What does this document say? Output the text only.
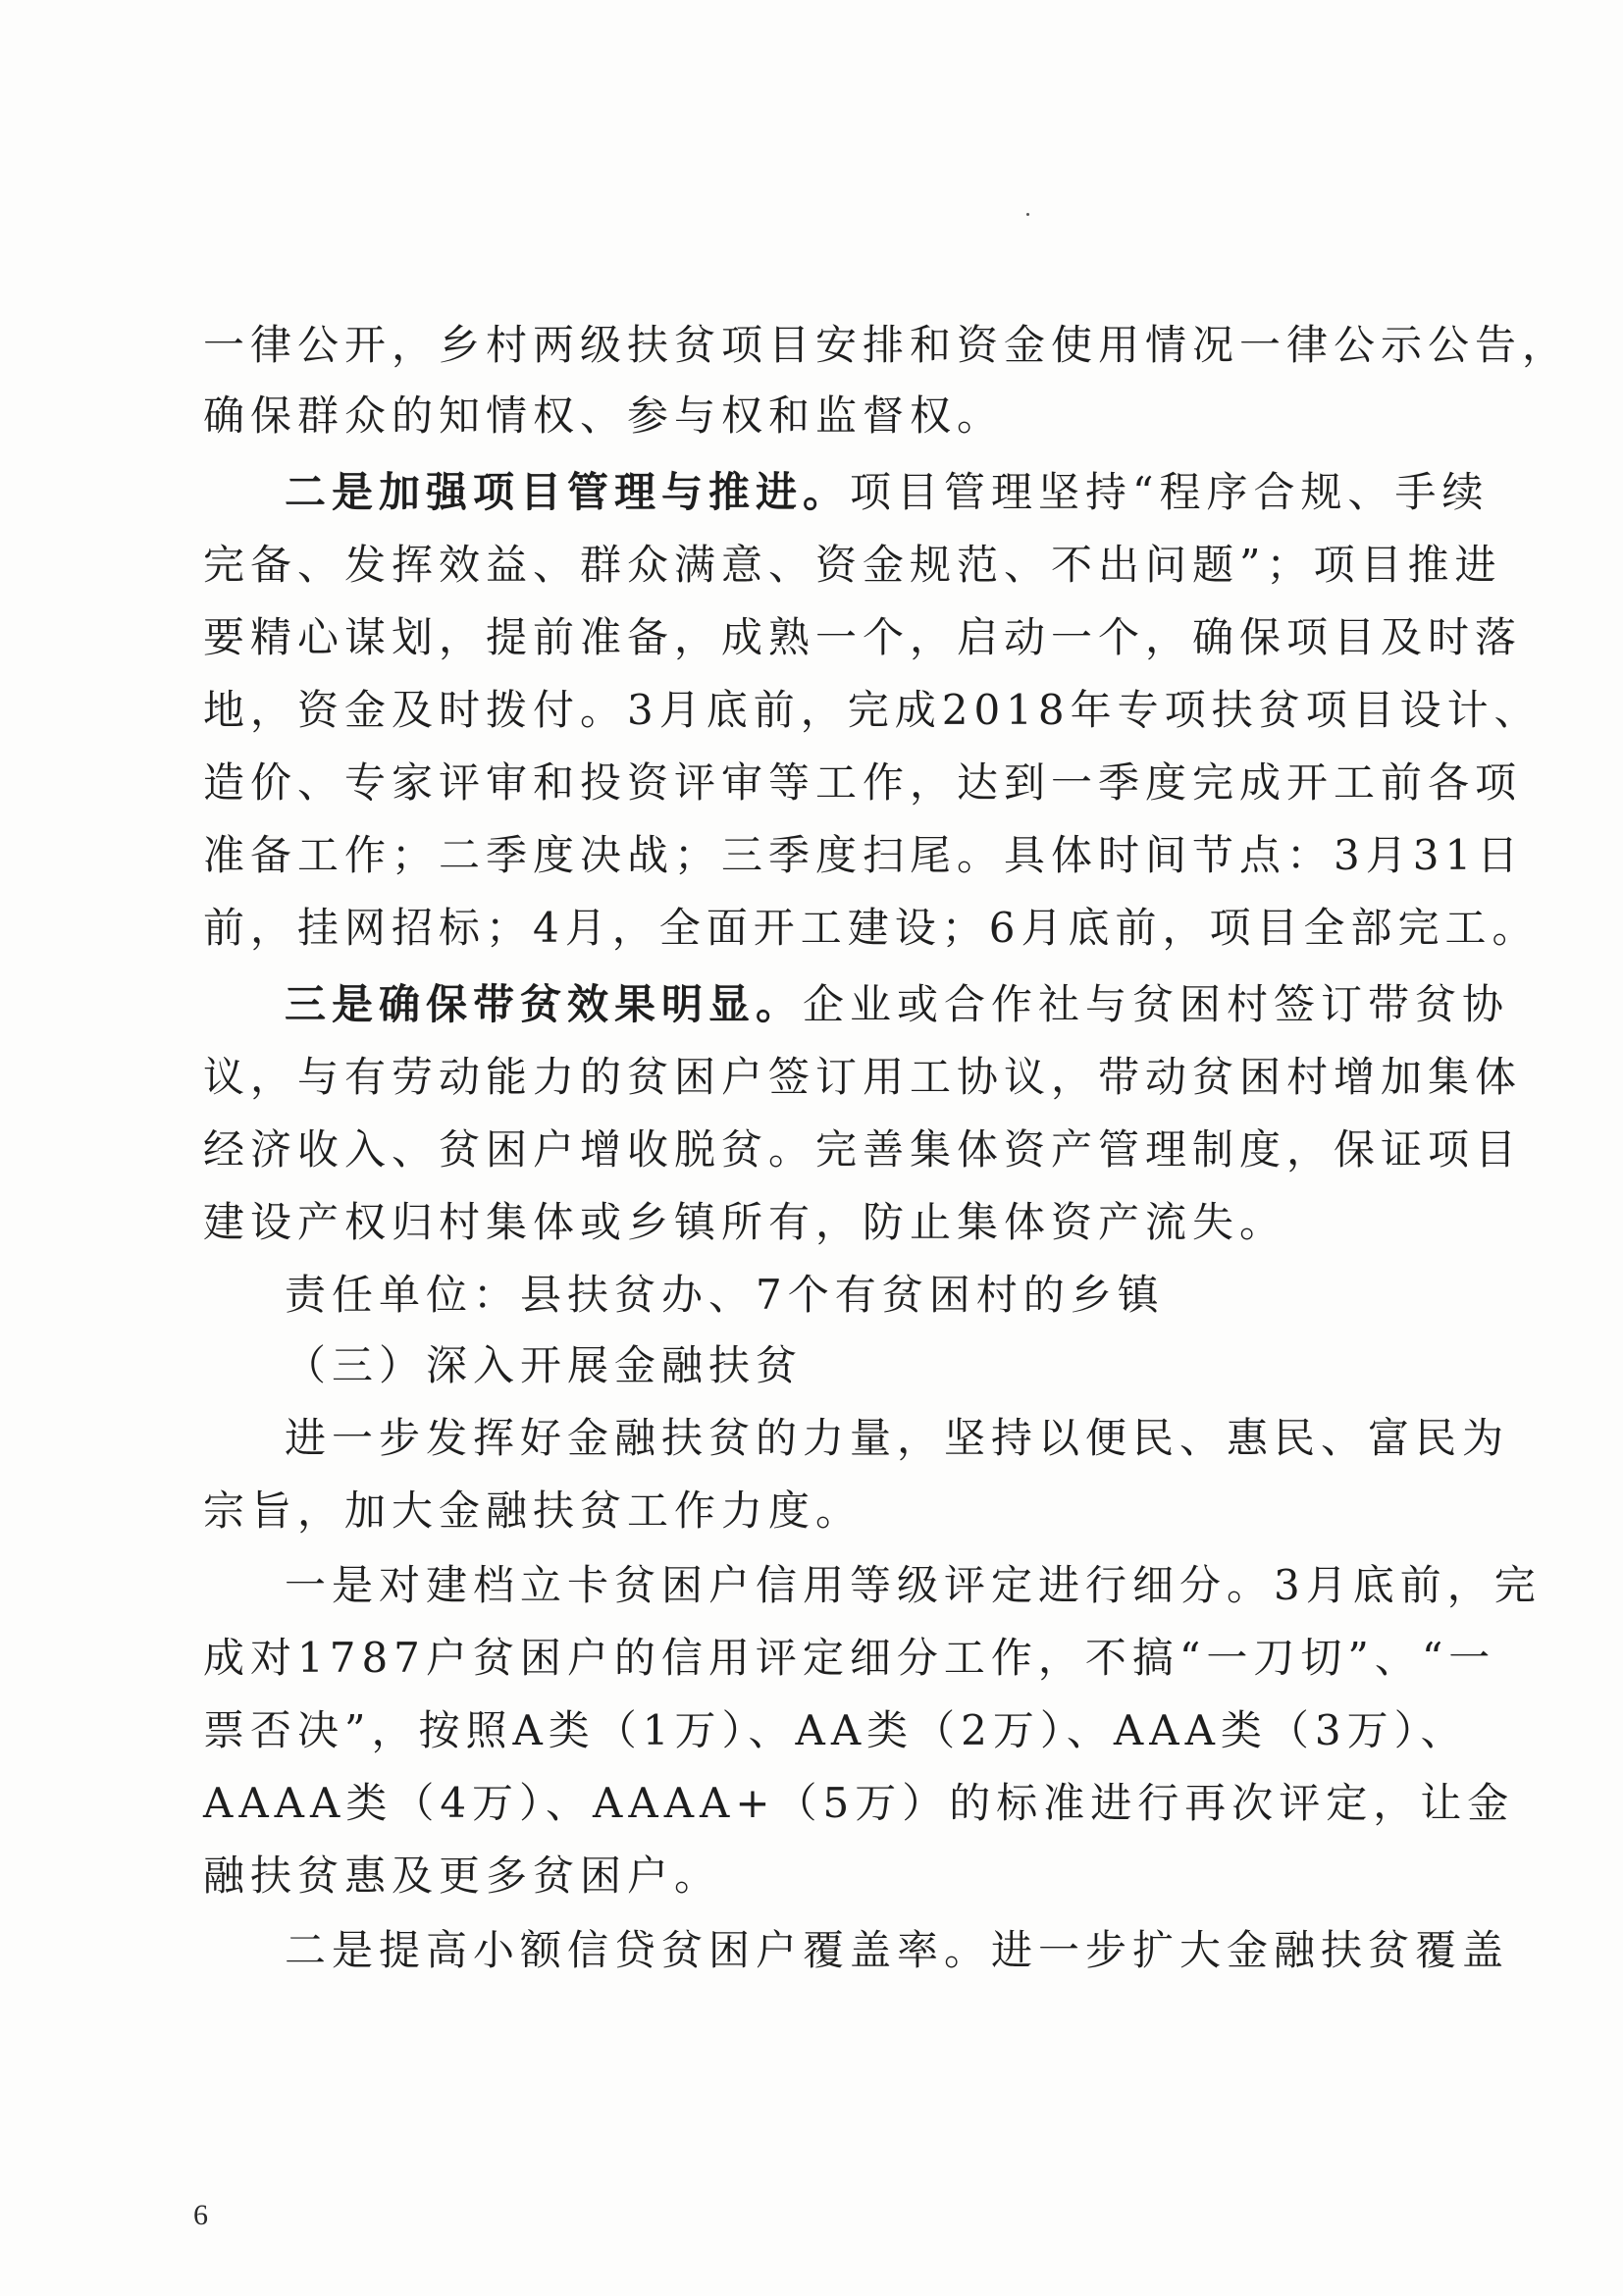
一律公开，乡村两级扶贫项目安排和资金使用情况一律公示公告，
确保群众的知情权、参与权和监督权。
二是加强项目管理与推进。项目管理坚持“程序合规、手续
完备、发挥效益、群众满意、资金规范、不出问题”；项目推进
要精心谋划，提前准备，成熟一个，启动一个，确保项目及时落
地，资金及时拨付。3月底前，完成2018年专项扶贫项目设计、
造价、专家评审和投资评审等工作，达到一季度完成开工前各项
准备工作；二季度决战；三季度扫尾。具体时间节点：3月31日
前，挂网招标；4月，全面开工建设；6月底前，项目全部完工。
三是确保带贫效果明显。企业或合作社与贫困村签订带贫协
议，与有劳动能力的贫困户签订用工协议，带动贫困村增加集体
经济收入、贫困户增收脱贫。完善集体资产管理制度，保证项目
建设产权归村集体或乡镇所有，防止集体资产流失。
责任单位：县扶贫办、7个有贫困村的乡镇
（三）深入开展金融扶贫
进一步发挥好金融扶贫的力量，坚持以便民、惠民、富民为
宗旨，加大金融扶贫工作力度。
一是对建档立卡贫困户信用等级评定进行细分。3月底前，完
成对1787户贫困户的信用评定细分工作，不搞“一刀切”、“一
票否决”，按照A类（1万）、AA类（2万）、AAA类（3万）、
AAAA类（4万）、AAAA+（5万）的标准进行再次评定，让金
融扶贫惠及更多贫困户。
二是提高小额信贷贫困户覆盖率。进一步扩大金融扶贫覆盖
6
